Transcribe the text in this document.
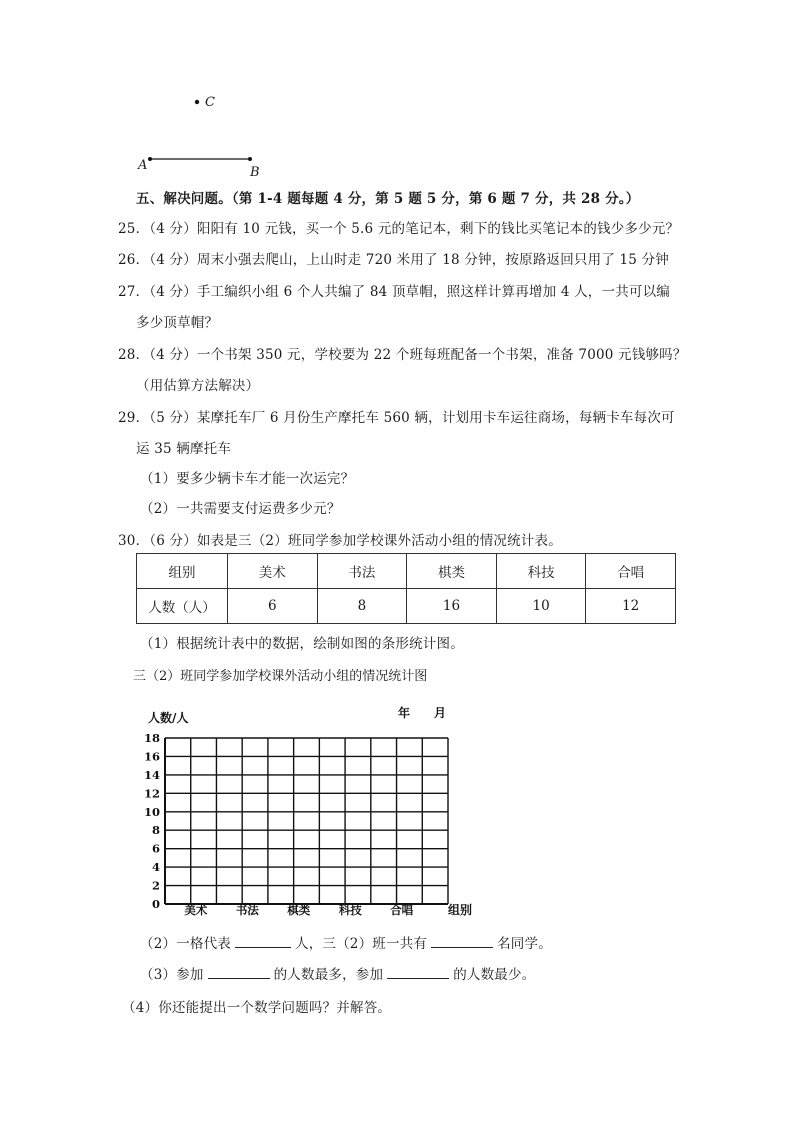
C
A	B
五、解决问题。（第 1-4 题每题 4 分，第 5 题 5 分，第 6 题 7 分，共 28 分。）
25．（4 分）阳阳有 10 元钱，买一个 5.6 元的笔记本，剩下的钱比买笔记本的钱少多少元？
26．（4 分）周末小强去爬山，上山时走 720 米用了 18 分钟，按原路返回只用了 15 分钟
27．（4 分）手工编织小组 6 个人共编了 84 顶草帽，照这样计算再增加 4 人，一共可以编
多少顶草帽？
28．（4 分）一个书架 350 元，学校要为 22 个班每班配备一个书架，准备 7000 元钱够吗？
（用估算方法解决）
29．（5 分）某摩托车厂 6 月份生产摩托车 560 辆，计划用卡车运往商场，每辆卡车每次可
运 35 辆摩托车
（1）要多少辆卡车才能一次运完？
（2）一共需要支付运费多少元？
30．（6 分）如表是三（2）班同学参加学校课外活动小组的情况统计表。
组别	美术	书法	棋类	科技	合唱
人数（人）	6	8	16	10	12
（1）根据统计表中的数据，绘制如图的条形统计图。
三（2）班同学参加学校课外活动小组的情况统计图
人数/人	年　　月
0
2
4
6
8
10
12
14
16
18
美术 书法 棋类 科技 合唱	组别
（2）一格代表	人，三（2）班一共有	名同学。
（3）参加	的人数最多，参加	的人数最少。
（4）你还能提出一个数学问题吗？并解答。
